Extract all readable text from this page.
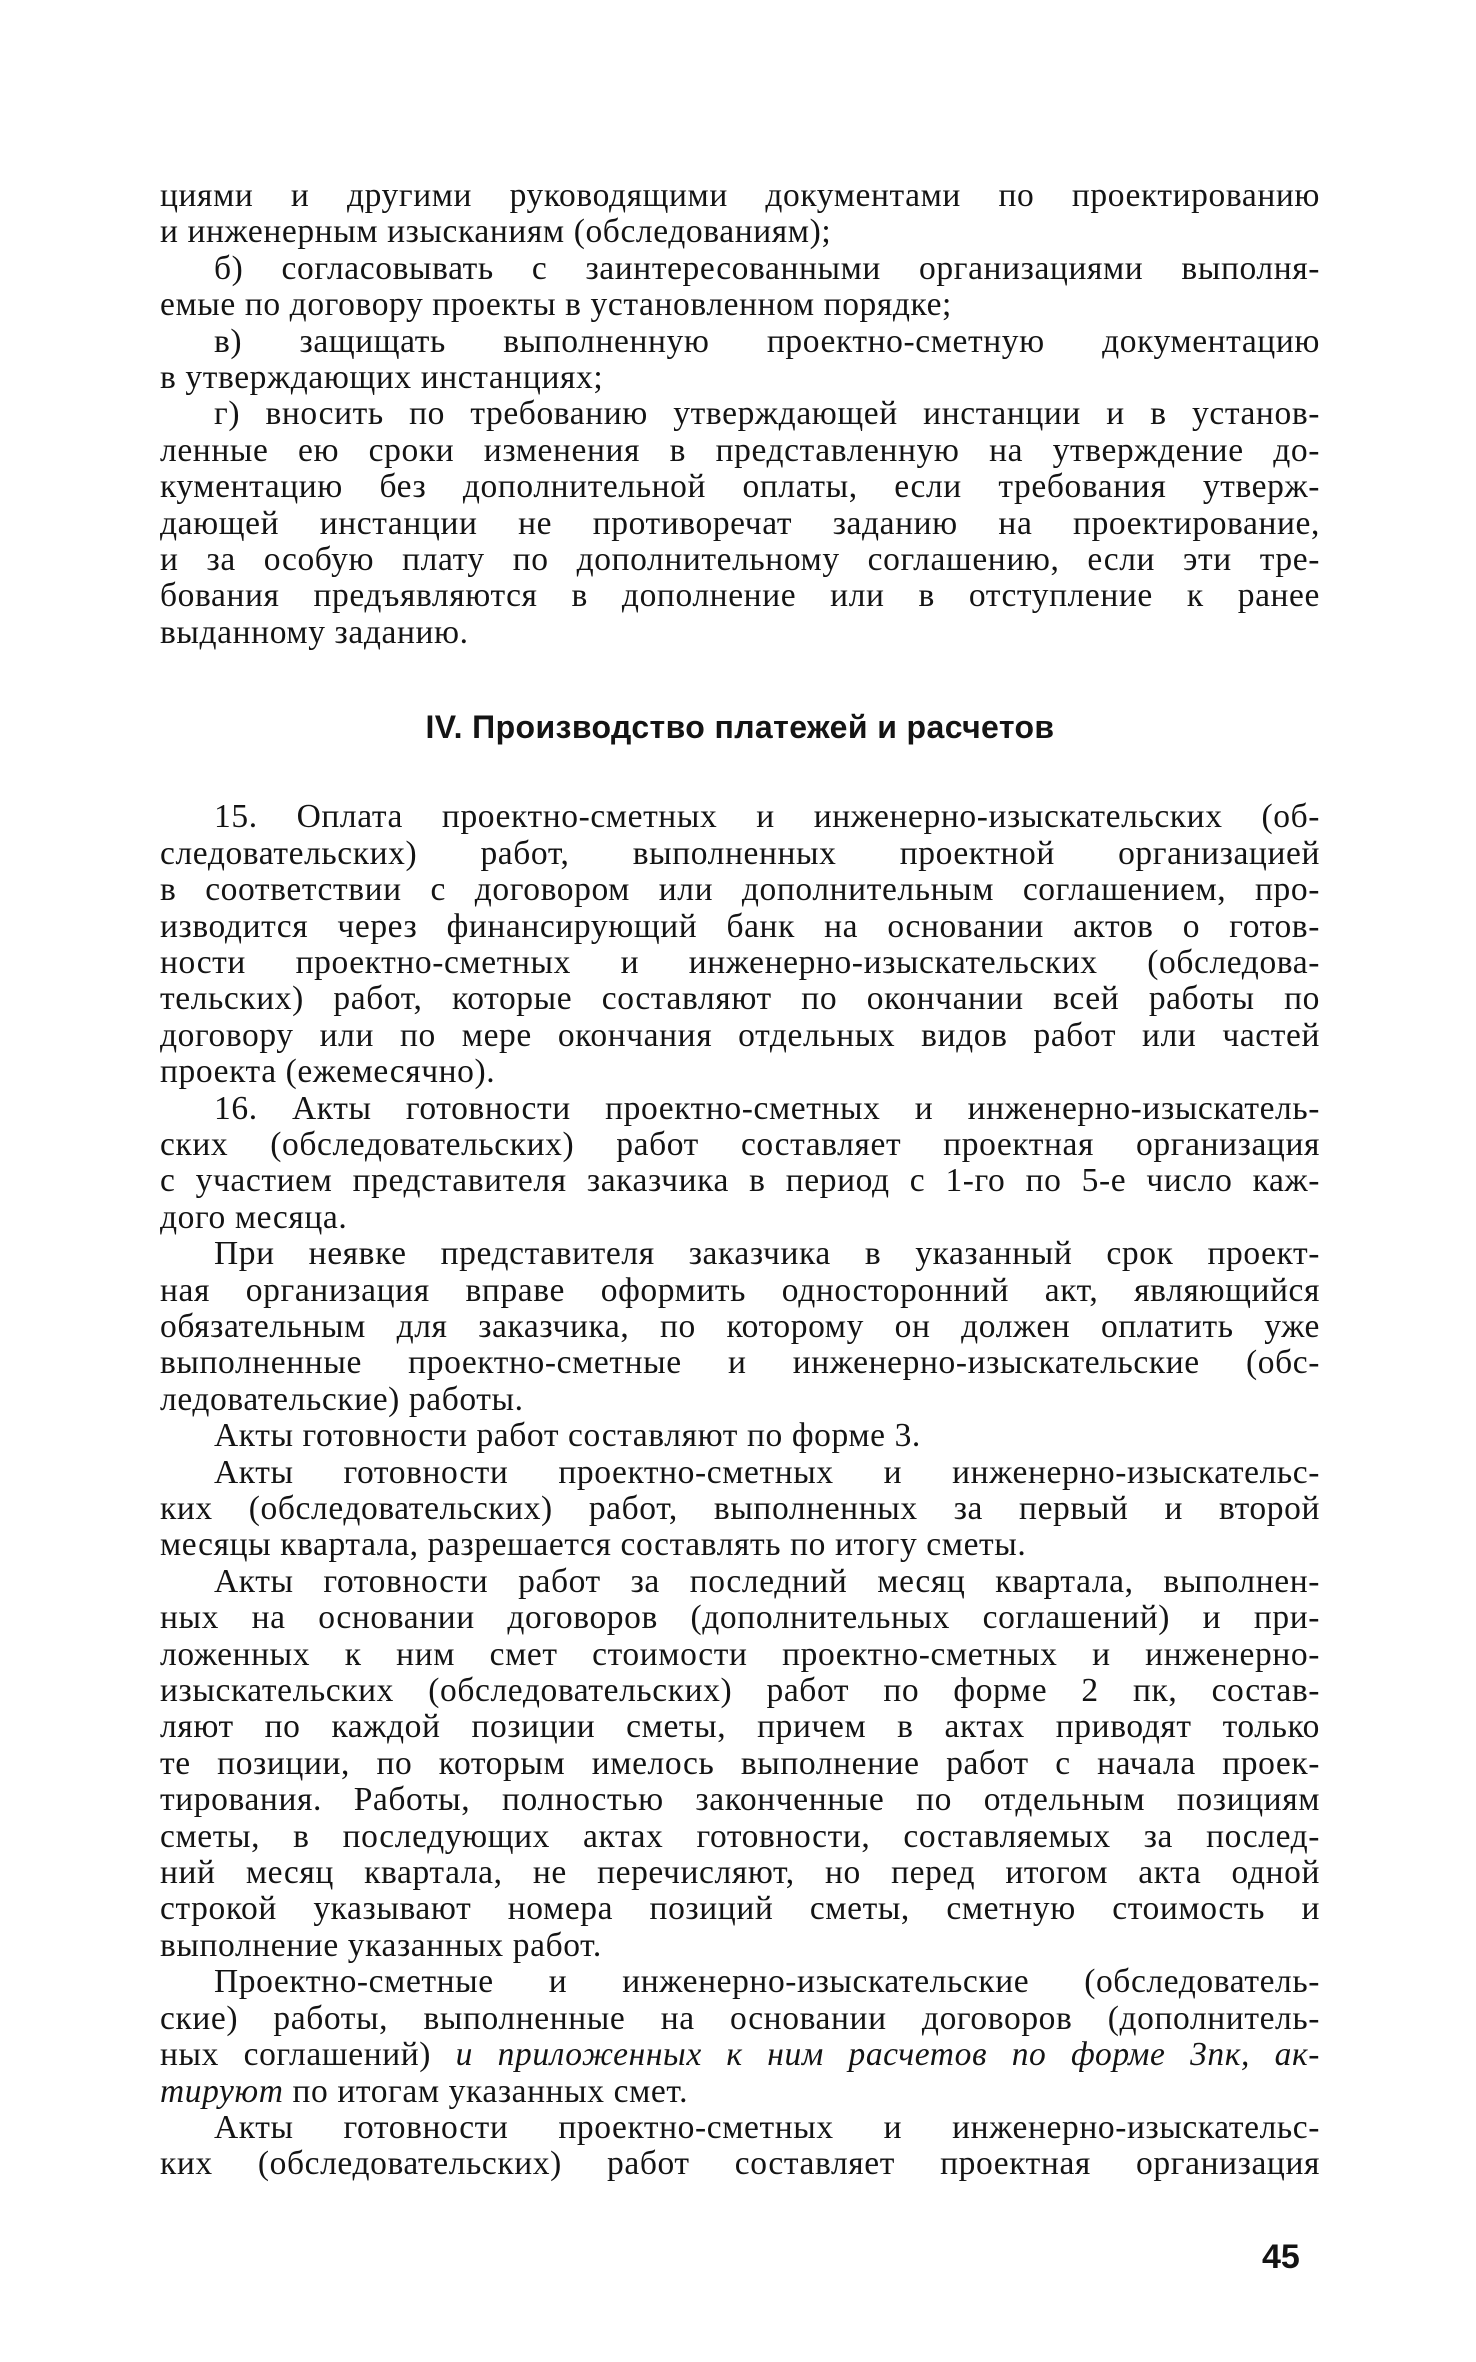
циями и другими руководящими документами по проектированию
и инженерным изысканиям (обследованиям);
б) согласовывать с заинтересованными организациями выполня-
емые по договору проекты в установленном порядке;
в) защищать выполненную проектно-сметную документацию
в утверждающих инстанциях;
г) вносить по требованию утверждающей инстанции и в установ-
ленные ею сроки изменения в представленную на утверждение до-
кументацию без дополнительной оплаты, если требования утверж-
дающей инстанции не противоречат заданию на проектирование,
и за особую плату по дополнительному соглашению, если эти тре-
бования предъявляются в дополнение или в отступление к ранее
выданному заданию.

IV. Производство платежей и расчетов

15. Оплата проектно-сметных и инженерно-изыскательских (об-
следовательских) работ, выполненных проектной организацией
в соответствии с договором или дополнительным соглашением, про-
изводится через финансирующий банк на основании актов о готов-
ности проектно-сметных и инженерно-изыскательских (обследова-
тельских) работ, которые составляют по окончании всей работы по
договору или по мере окончания отдельных видов работ или частей
проекта (ежемесячно).

16. Акты готовности проектно-сметных и инженерно-изыскатель-
ских (обследовательских) работ составляет проектная организация
с участием представителя заказчика в период с 1-го по 5-е число каж-
дого месяца.

При неявке представителя заказчика в указанный срок проект-
ная организация вправе оформить односторонний акт, являющийся
обязательным для заказчика, по которому он должен оплатить уже
выполненные проектно-сметные и инженерно-изыскательские (обс-
ледовательские) работы.

Акты готовности работ составляют по форме 3.

Акты готовности проектно-сметных и инженерно-изыскательс-
ких (обследовательских) работ, выполненных за первый и второй
месяцы квартала, разрешается составлять по итогу сметы.

Акты готовности работ за последний месяц квартала, выполнен-
ных на основании договоров (дополнительных соглашений) и при-
ложенных к ним смет стоимости проектно-сметных и инженерно-
изыскательских (обследовательских) работ по форме 2 пк, состав-
ляют по каждой позиции сметы, причем в актах приводят только
те позиции, по которым имелось выполнение работ с начала проек-
тирования. Работы, полностью законченные по отдельным позициям
сметы, в последующих актах готовности, составляемых за послед-
ний месяц квартала, не перечисляют, но перед итогом акта одной
строкой указывают номера позиций сметы, сметную стоимость и
выполнение указанных работ.

Проектно-сметные и инженерно-изыскательские (обследователь-
ские) работы, выполненные на основании договоров (дополнитель-
ных соглашений) и приложенных к ним расчетов по форме 3пк, ак-
тируют по итогам указанных смет.

Акты готовности проектно-сметных и инженерно-изыскательс-
ких (обследовательских) работ составляет проектная организация

45
